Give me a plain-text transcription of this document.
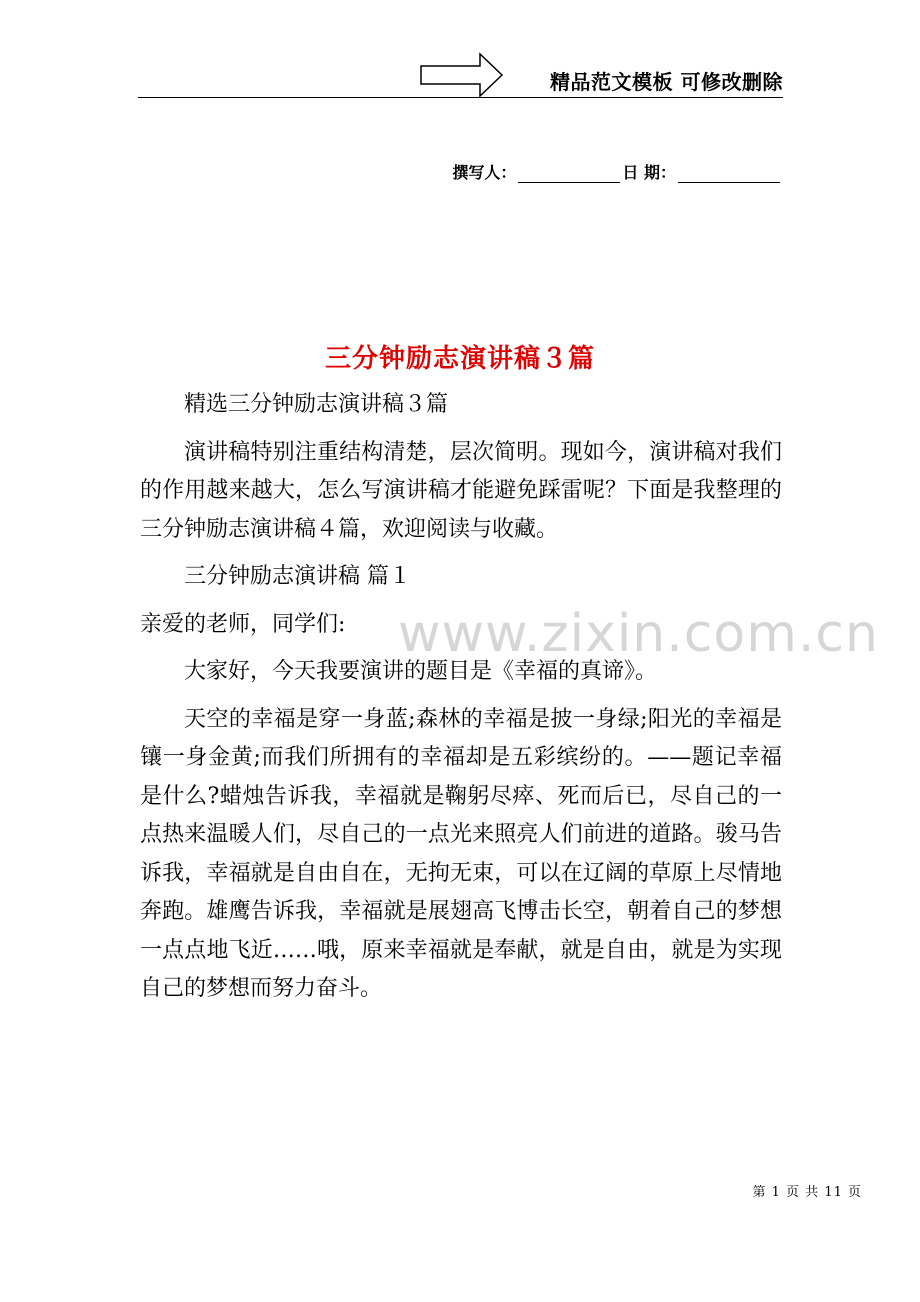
精品范文模板 可修改删除
撰写人：	日 期：
三分钟励志演讲稿３篇
www.zixin.com.cn

精选三分钟励志演讲稿３篇

演讲稿特别注重结构清楚，层次简明。现如今，演讲稿对我们的作用越来越大，怎么写演讲稿才能避免踩雷呢？下面是我整理的三分钟励志演讲稿４篇，欢迎阅读与收藏。

三分钟励志演讲稿 篇１

亲爱的老师，同学们:

大家好，今天我要演讲的题目是《幸福的真谛》。

天空的幸福是穿一身蓝;森林的幸福是披一身绿;阳光的幸福是镶一身金黄;而我们所拥有的幸福却是五彩缤纷的。——题记幸福是什么?蜡烛告诉我，幸福就是鞠躬尽瘁、死而后已，尽自己的一点热来温暖人们，尽自己的一点光来照亮人们前进的道路。骏马告诉我，幸福就是自由自在，无拘无束，可以在辽阔的草原上尽情地奔跑。雄鹰告诉我，幸福就是展翅高飞博击长空，朝着自己的梦想一点点地飞近……哦，原来幸福就是奉献，就是自由，就是为实现自己的梦想而努力奋斗。

第 1 页 共 11 页
